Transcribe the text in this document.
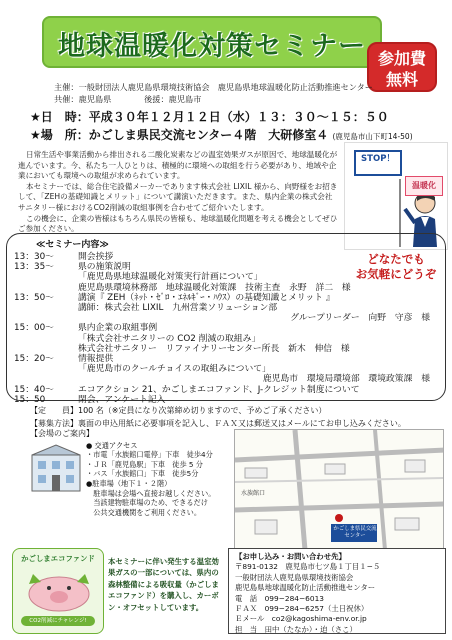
地球温暖化対策セミナー 参加費
無料
主催：一般財団法人鹿児島県環境技術協会　鹿児島県地球温暖化防止活動推進センター
共催：鹿児島県　　　　後援：鹿児島市
★日　時：平成３０年１２月１２日（水）１３：３０〜１５：５０
★場　所：かごしま県民交流センター４階　大研修室４ (鹿児島市山下町14-50)

日常生活や事業活動から排出される二酸化炭素などの温室効果ガスが原因で、地球温暖化が進んでいます。今、私たち一人ひとりは、積極的に環境への取組を行う必要があり、地域や企業においても環境への取組が求められています。

本セミナーでは、総合住宅設備メーカーであります株式会社 LIXIL 様から、向野様をお招きして、「ZEHの基礎知識とメリット」について講演いただきます。また、県内企業の株式会社サニタリー様におけるCO2削減の取組事例を合わせてご紹介いたします。

この機会に、企業の皆様はもちろん県民の皆様も、地球温暖化問題を考える機会としてぜひご参加ください。

STOP！
温暖化
どなたでも
お気軽にどうぞ
≪セミナー内容≫
13：30〜	開会挨拶
13：35〜	県の施策説明
「鹿児島県地球温暖化対策実行計画について」
鹿児島県環境林務部　地球温暖化対策課　技術主査　永野　詳二　様
13：50〜	講演『 ZEH（ﾈｯﾄ・ｾﾞﾛ・ｴﾈﾙｷﾞｰ・ﾊｳｽ）の基礎知識とメリット 』
講師：株式会社 LIXIL　九州営業ソリューション部
グループリーダー　向野　守彦　様
15：00〜	県内企業の取組事例
「株式会社サニタリーの CO2 削減の取組み」
株式会社サニタリー　リファイナリーセンター所長　新木　伸信　様
15：20〜	情報提供
「鹿児島市のクールチョイスの取組みについて」
鹿児島市　環境局環境部　環境政策課　様
15：40〜	エコアクション 21、かごしまエコファンド、J-クレジット制度について
15：50	閉会、アンケート記入
【定　　員】100 名（※定員になり次第締め切りますので、予めご了承ください）
【募集方法】裏面の申込用紙に必要事項を記入し、ＦＡＸ又は郵送又はメールにてお申し込みください。
【会場のご案内】
● 交通アクセス
・市電「水族館口電停」下車　徒歩4分
・ＪＲ「鹿児島駅」下車　徒歩 5 分
・バス「水族館口」下車　徒歩5分
●駐車場（地下１・２階）
　駐車場は会場へ直接お越しください。
　当該建物駐車場のため、できるだけ
　公共交通機関をご利用ください。
かごしま県民交流センター
水族館口
かごしまエコファンド
CO2削減にチャレンジ!
本セミナーに伴い発生する温室効果ガスの一部については、県内の森林整備による吸収量（かごしまエコファンド）を購入し、カーボン・オフセットしています。
【お申し込み・お問い合わせ先】
〒891-0132　鹿児島市七ツ島１丁目１−５
一般財団法人鹿児島県環境技術協会
鹿児島県地球温暖化防止活動推進センター
電　話　099−284−6013
ＦＡＸ　099−284−6257（土日祝休）
Ｅメール　co2@kagoshima-env.or.jp
担　当　田中（たなか）・迫（さこ）
